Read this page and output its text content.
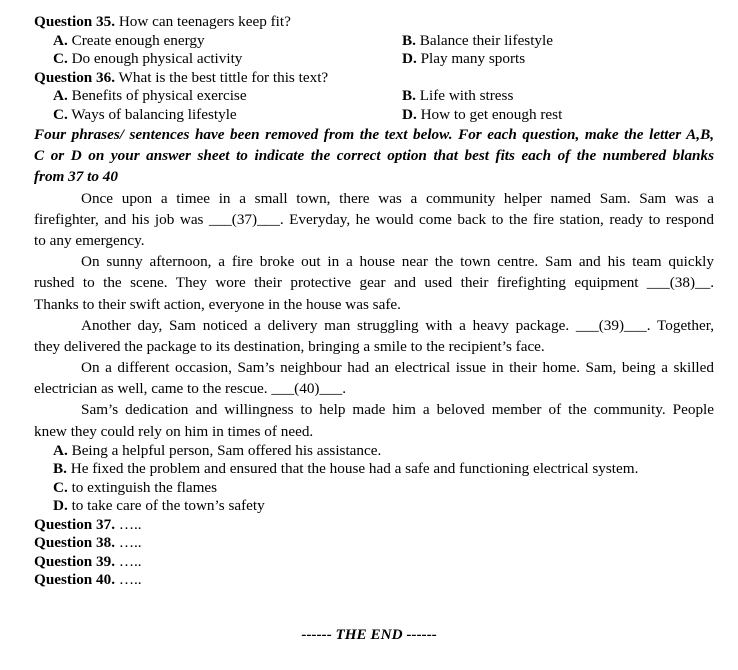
Question 35. How can teenagers keep fit?
A. Create enough energy	B. Balance their lifestyle
C. Do enough physical activity	D. Play many sports
Question 36. What is the best tittle for this text?
A. Benefits of physical exercise	B. Life with stress
C. Ways of balancing lifestyle	D. How to get enough rest
Four phrases/ sentences have been removed from the text below. For each question, make the letter A,B,
C or D on your answer sheet to indicate the correct option that best fits each of the numbered blanks
from 37 to 40
Once upon a timee in a small town, there was a community helper named Sam. Sam was a
firefighter, and his job was ___(37)___. Everyday, he would come back to the fire station, ready to respond
to any emergency.
On sunny afternoon, a fire broke out in a house near the town centre. Sam and his team quickly
rushed to the scene. They wore their protective gear and used their firefighting equipment ___(38)__.
Thanks to their swift action, everyone in the house was safe.
Another day, Sam noticed a delivery man struggling with a heavy package. ___(39)___. Together,
they delivered the package to its destination, bringing a smile to the recipient’s face.
On a different occasion, Sam’s neighbour had an electrical issue in their home. Sam, being a skilled
electrician as well, came to the rescue. ___(40)___.
Sam’s dedication and willingness to help made him a beloved member of the community. People
knew they could rely on him in times of need.
A. Being a helpful person, Sam offered his assistance.
B. He fixed the problem and ensured that the house had a safe and functioning electrical system.
C. to extinguish the flames
D. to take care of the town’s safety
Question 37. …..
Question 38. …..
Question 39. …..
Question 40. …..
------ THE END ------
